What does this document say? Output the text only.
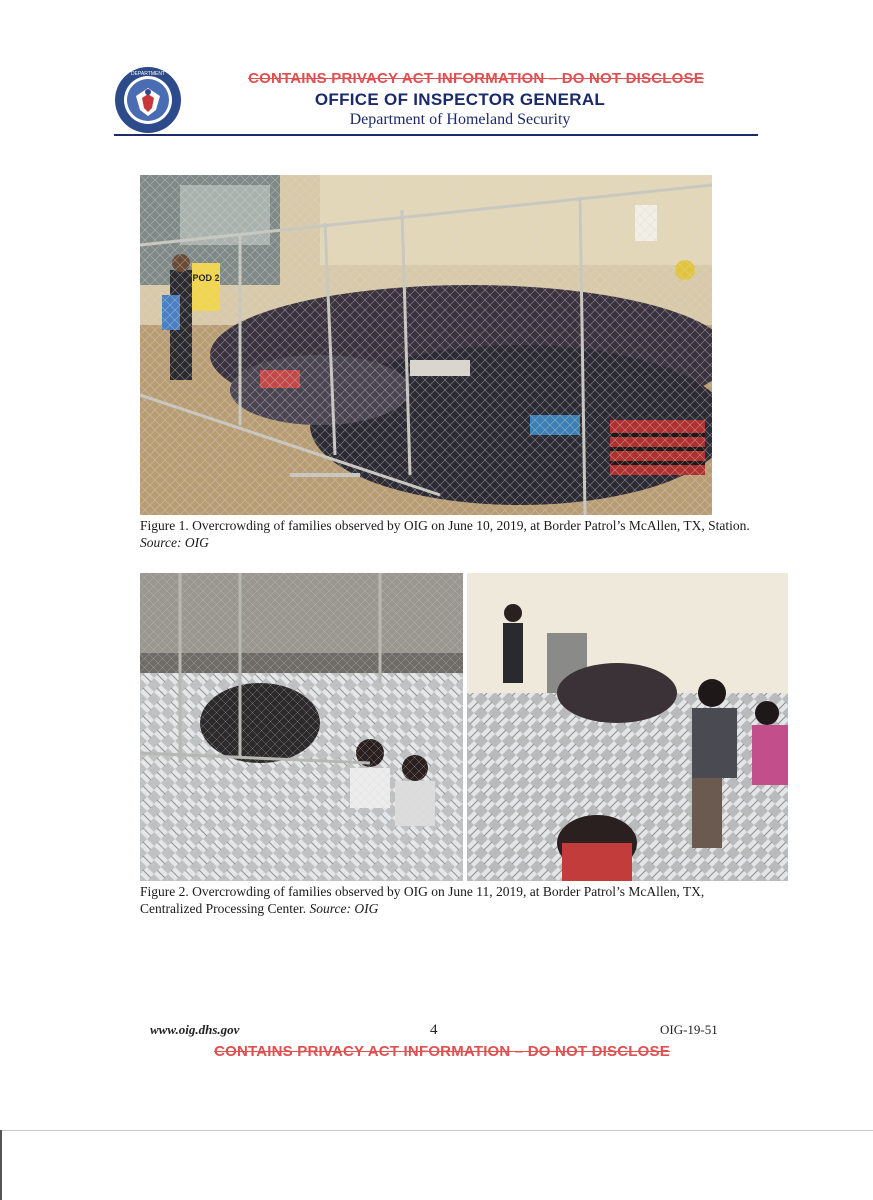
DEPARTMENT	CONTAINS PRIVACY ACT INFORMATION – DO NOT DISCLOSE
OFFICE OF INSPECTOR GENERAL
Department of Homeland Security
Figure 1. Overcrowding of families observed by OIG on June 10, 2019, at Border Patrol’s McAllen, TX, Station. Source: OIG
Figure 2. Overcrowding of families observed by OIG on June 11, 2019, at Border Patrol’s McAllen, TX, Centralized Processing Center. Source: OIG
www.oig.dhs.gov	4	OIG-19-51
CONTAINS PRIVACY ACT INFORMATION – DO NOT DISCLOSE
